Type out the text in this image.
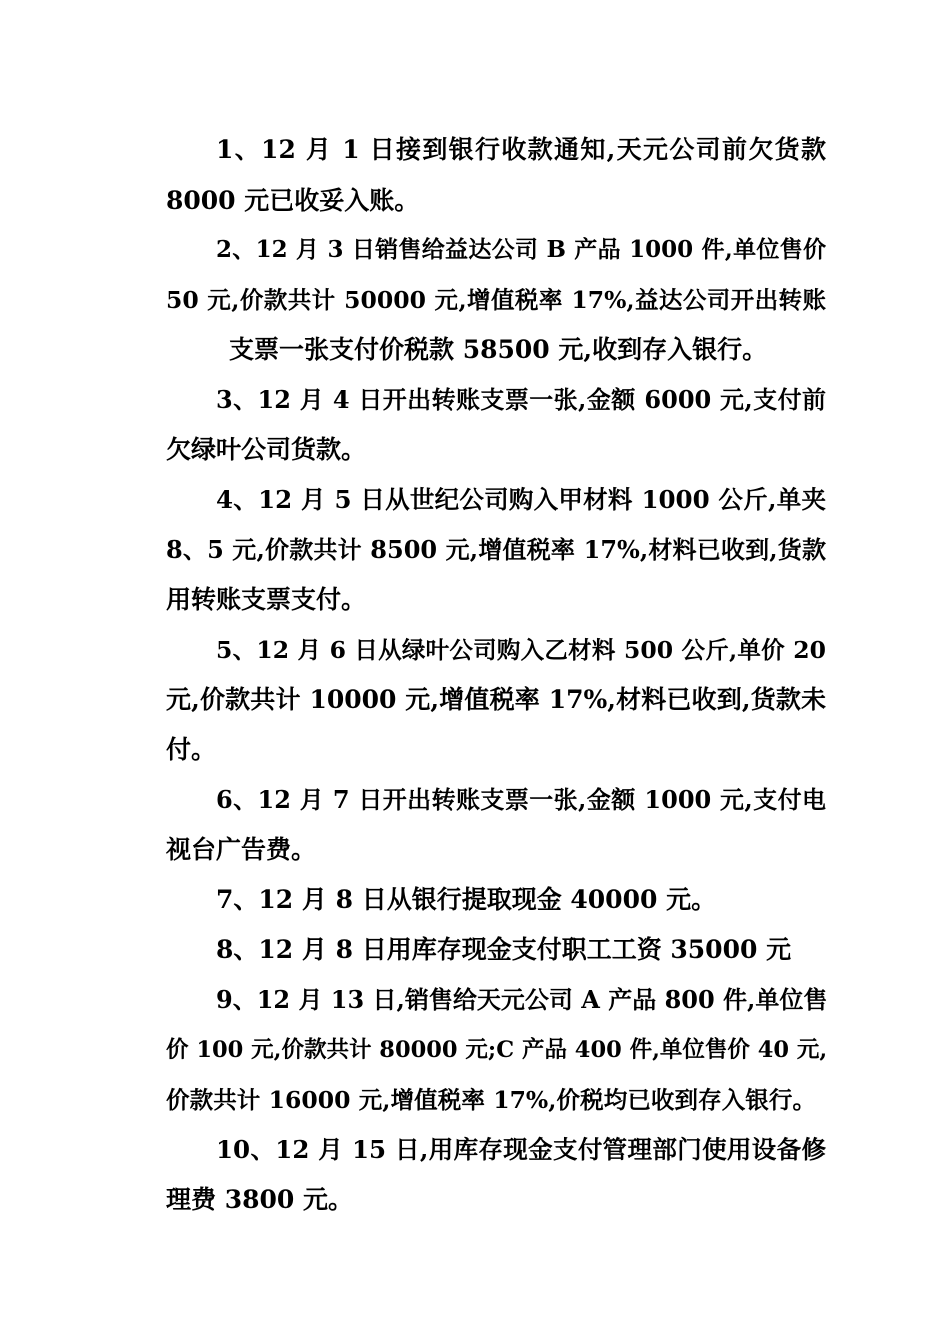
1、12 月 1 日接到银行收款通知,天元公司前欠货款
8000 元已收妥入账。
2、12 月 3 日销售给益达公司 B 产品 1000 件,单位售价
50 元,价款共计 50000 元,增值税率 17%,益达公司开出转账
支票一张支付价税款 58500 元,收到存入银行。
3、12 月 4 日开出转账支票一张,金额 6000 元,支付前
欠绿叶公司货款。
4、12 月 5 日从世纪公司购入甲材料 1000 公斤,单夹
8、5 元,价款共计 8500 元,增值税率 17%,材料已收到,货款
用转账支票支付。
5、12 月 6 日从绿叶公司购入乙材料 500 公斤,单价 20
元,价款共计 10000 元,增值税率 17%,材料已收到,货款未
付。
6、12 月 7 日开出转账支票一张,金额 1000 元,支付电
视台广告费。
7、12 月 8 日从银行提取现金 40000 元。
8、12 月 8 日用库存现金支付职工工资 35000 元
9、12 月 13 日,销售给天元公司 A 产品 800 件,单位售
价 100 元,价款共计 80000 元;C 产品 400 件,单位售价 40 元,
价款共计 16000 元,增值税率 17%,价税均已收到存入银行。
10、12 月 15 日,用库存现金支付管理部门使用设备修
理费 3800 元。
